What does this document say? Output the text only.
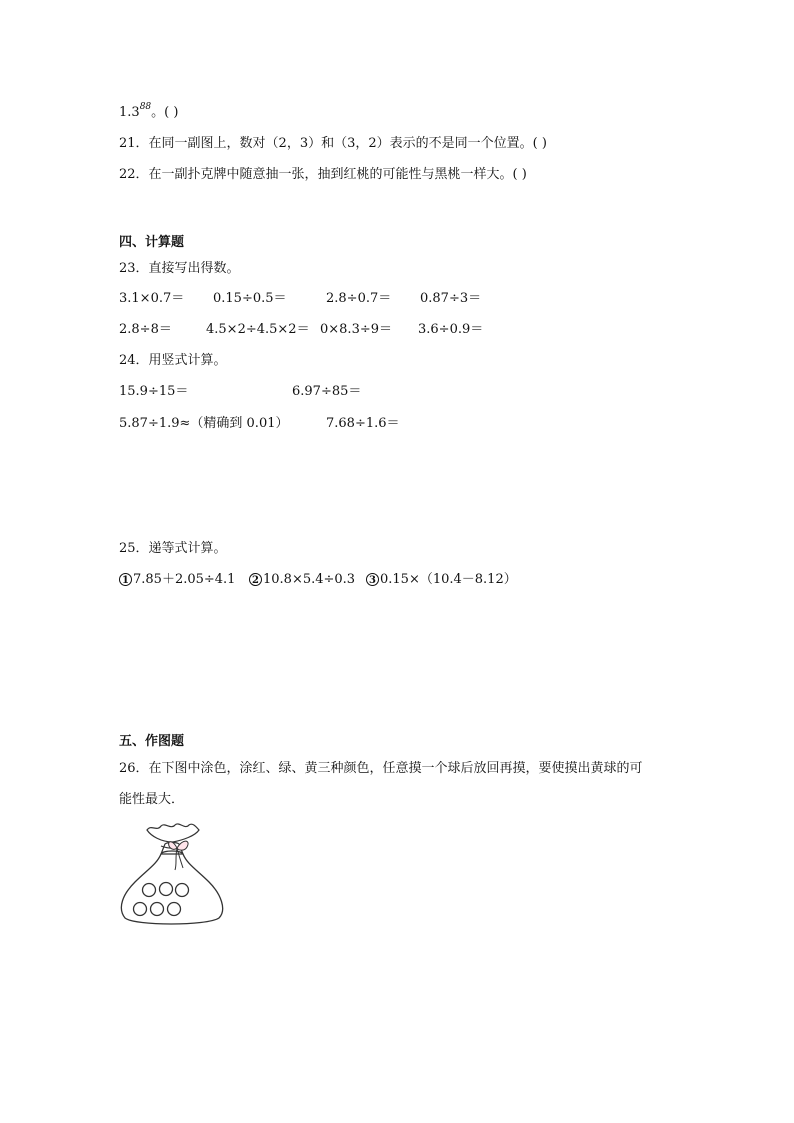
$1.3^{88}$。( )
21．在同一副图上，数对（2，3）和（3，2）表示的不是同一个位置。( )
22．在一副扑克牌中随意抽一张，抽到红桃的可能性与黑桃一样大。( )
四、计算题
23．直接写出得数。
3.1×0.7＝ 0.15÷0.5＝	2.8÷0.7＝ 0.87÷3＝
2.8÷8＝	4.5×2÷4.5×2＝ 0×8.3÷9＝ 3.6÷0.9＝
24．用竖式计算。
15.9÷15＝	6.97÷85＝
5.87÷1.9≈（精确到 0.01）	7.68÷1.6＝
25．递等式计算。
1 7.85＋2.05÷4.1	2 10.8×5.4÷0.3	3 0.15×（10.4－8.12）
五、作图题
26．在下图中涂色，涂红、绿、黄三种颜色，任意摸一个球后放回再摸，要使摸出黄球的可
能性最大．
